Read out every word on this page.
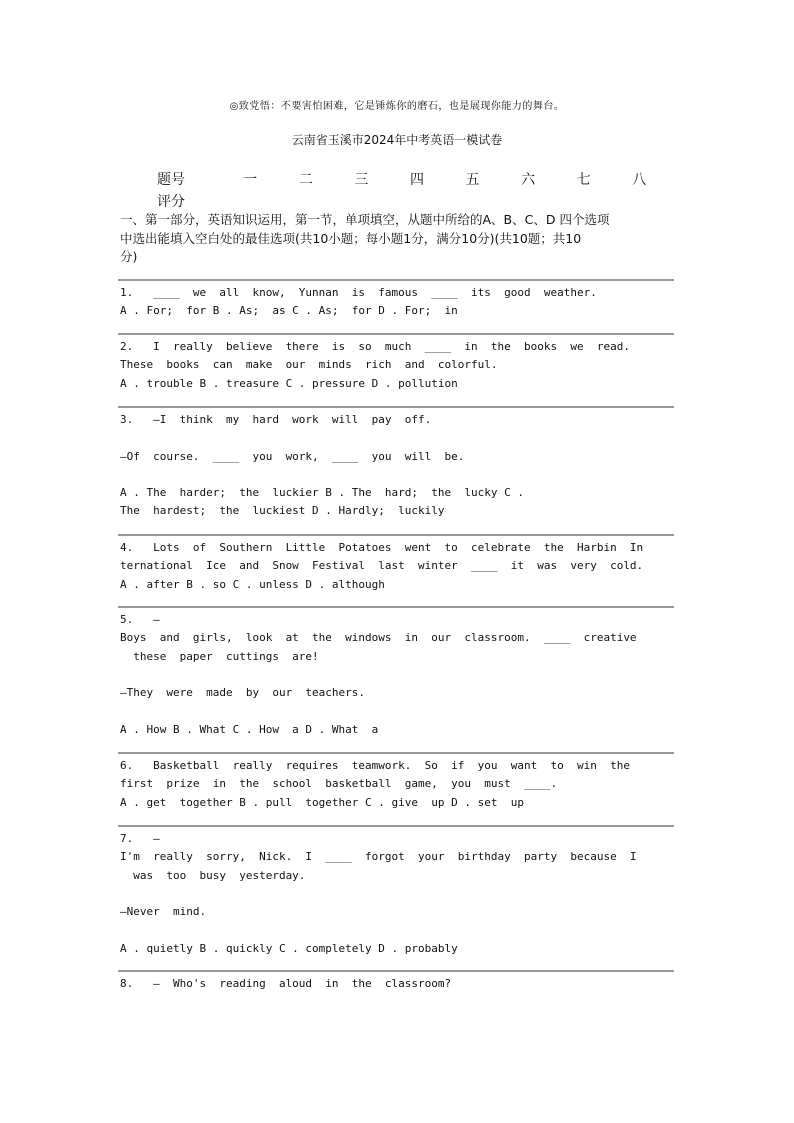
◎致党悟：不要害怕困难，它是锤炼你的磨石，也是展现你能力的舞台。
云南省玉溪市2024年中考英语一模试卷
题号	一	二	三	四	五	六	七	八
评分
一、第一部分，英语知识运用，第一节，单项填空，从题中所给的A、B、C、D 四个选项
中选出能填入空白处的最佳选项(共10小题；每小题1分，满分10分)(共10题；共10
分)
1.   ____  we  all  know,  Yunnan  is  famous  ____  its  good  weather.
A . For;  for B . As;  as C . As;  for D . For;  in
2.   I  really  believe  there  is  so  much  ____  in  the  books  we  read.
These  books  can  make  our  minds  rich  and  colorful.
A . trouble B . treasure C . pressure D . pollution
3.   —I  think  my  hard  work  will  pay  off.

—Of  course.  ____  you  work,  ____  you  will  be.

A . The  harder;  the  luckier B . The  hard;  the  lucky C .
The  hardest;  the  luckiest D . Hardly;  luckily
4.   Lots  of  Southern  Little  Potatoes  went  to  celebrate  the  Harbin  In
ternational  Ice  and  Snow  Festival  last  winter  ____  it  was  very  cold.
A . after B . so C . unless D . although
5.   —
Boys  and  girls,  look  at  the  windows  in  our  classroom.  ____  creative
these  paper  cuttings  are!

—They  were  made  by  our  teachers.

A . How B . What C . How  a D . What  a
6.   Basketball  really  requires  teamwork.  So  if  you  want  to  win  the
first  prize  in  the  school  basketball  game,  you  must  ____.
A . get  together B . pull  together C . give  up D . set  up
7.   —
I'm  really  sorry,  Nick.  I  ____  forgot  your  birthday  party  because  I
was  too  busy  yesterday.

—Never  mind.

A . quietly B . quickly C . completely D . probably
8.   —  Who's  reading  aloud  in  the  classroom?
